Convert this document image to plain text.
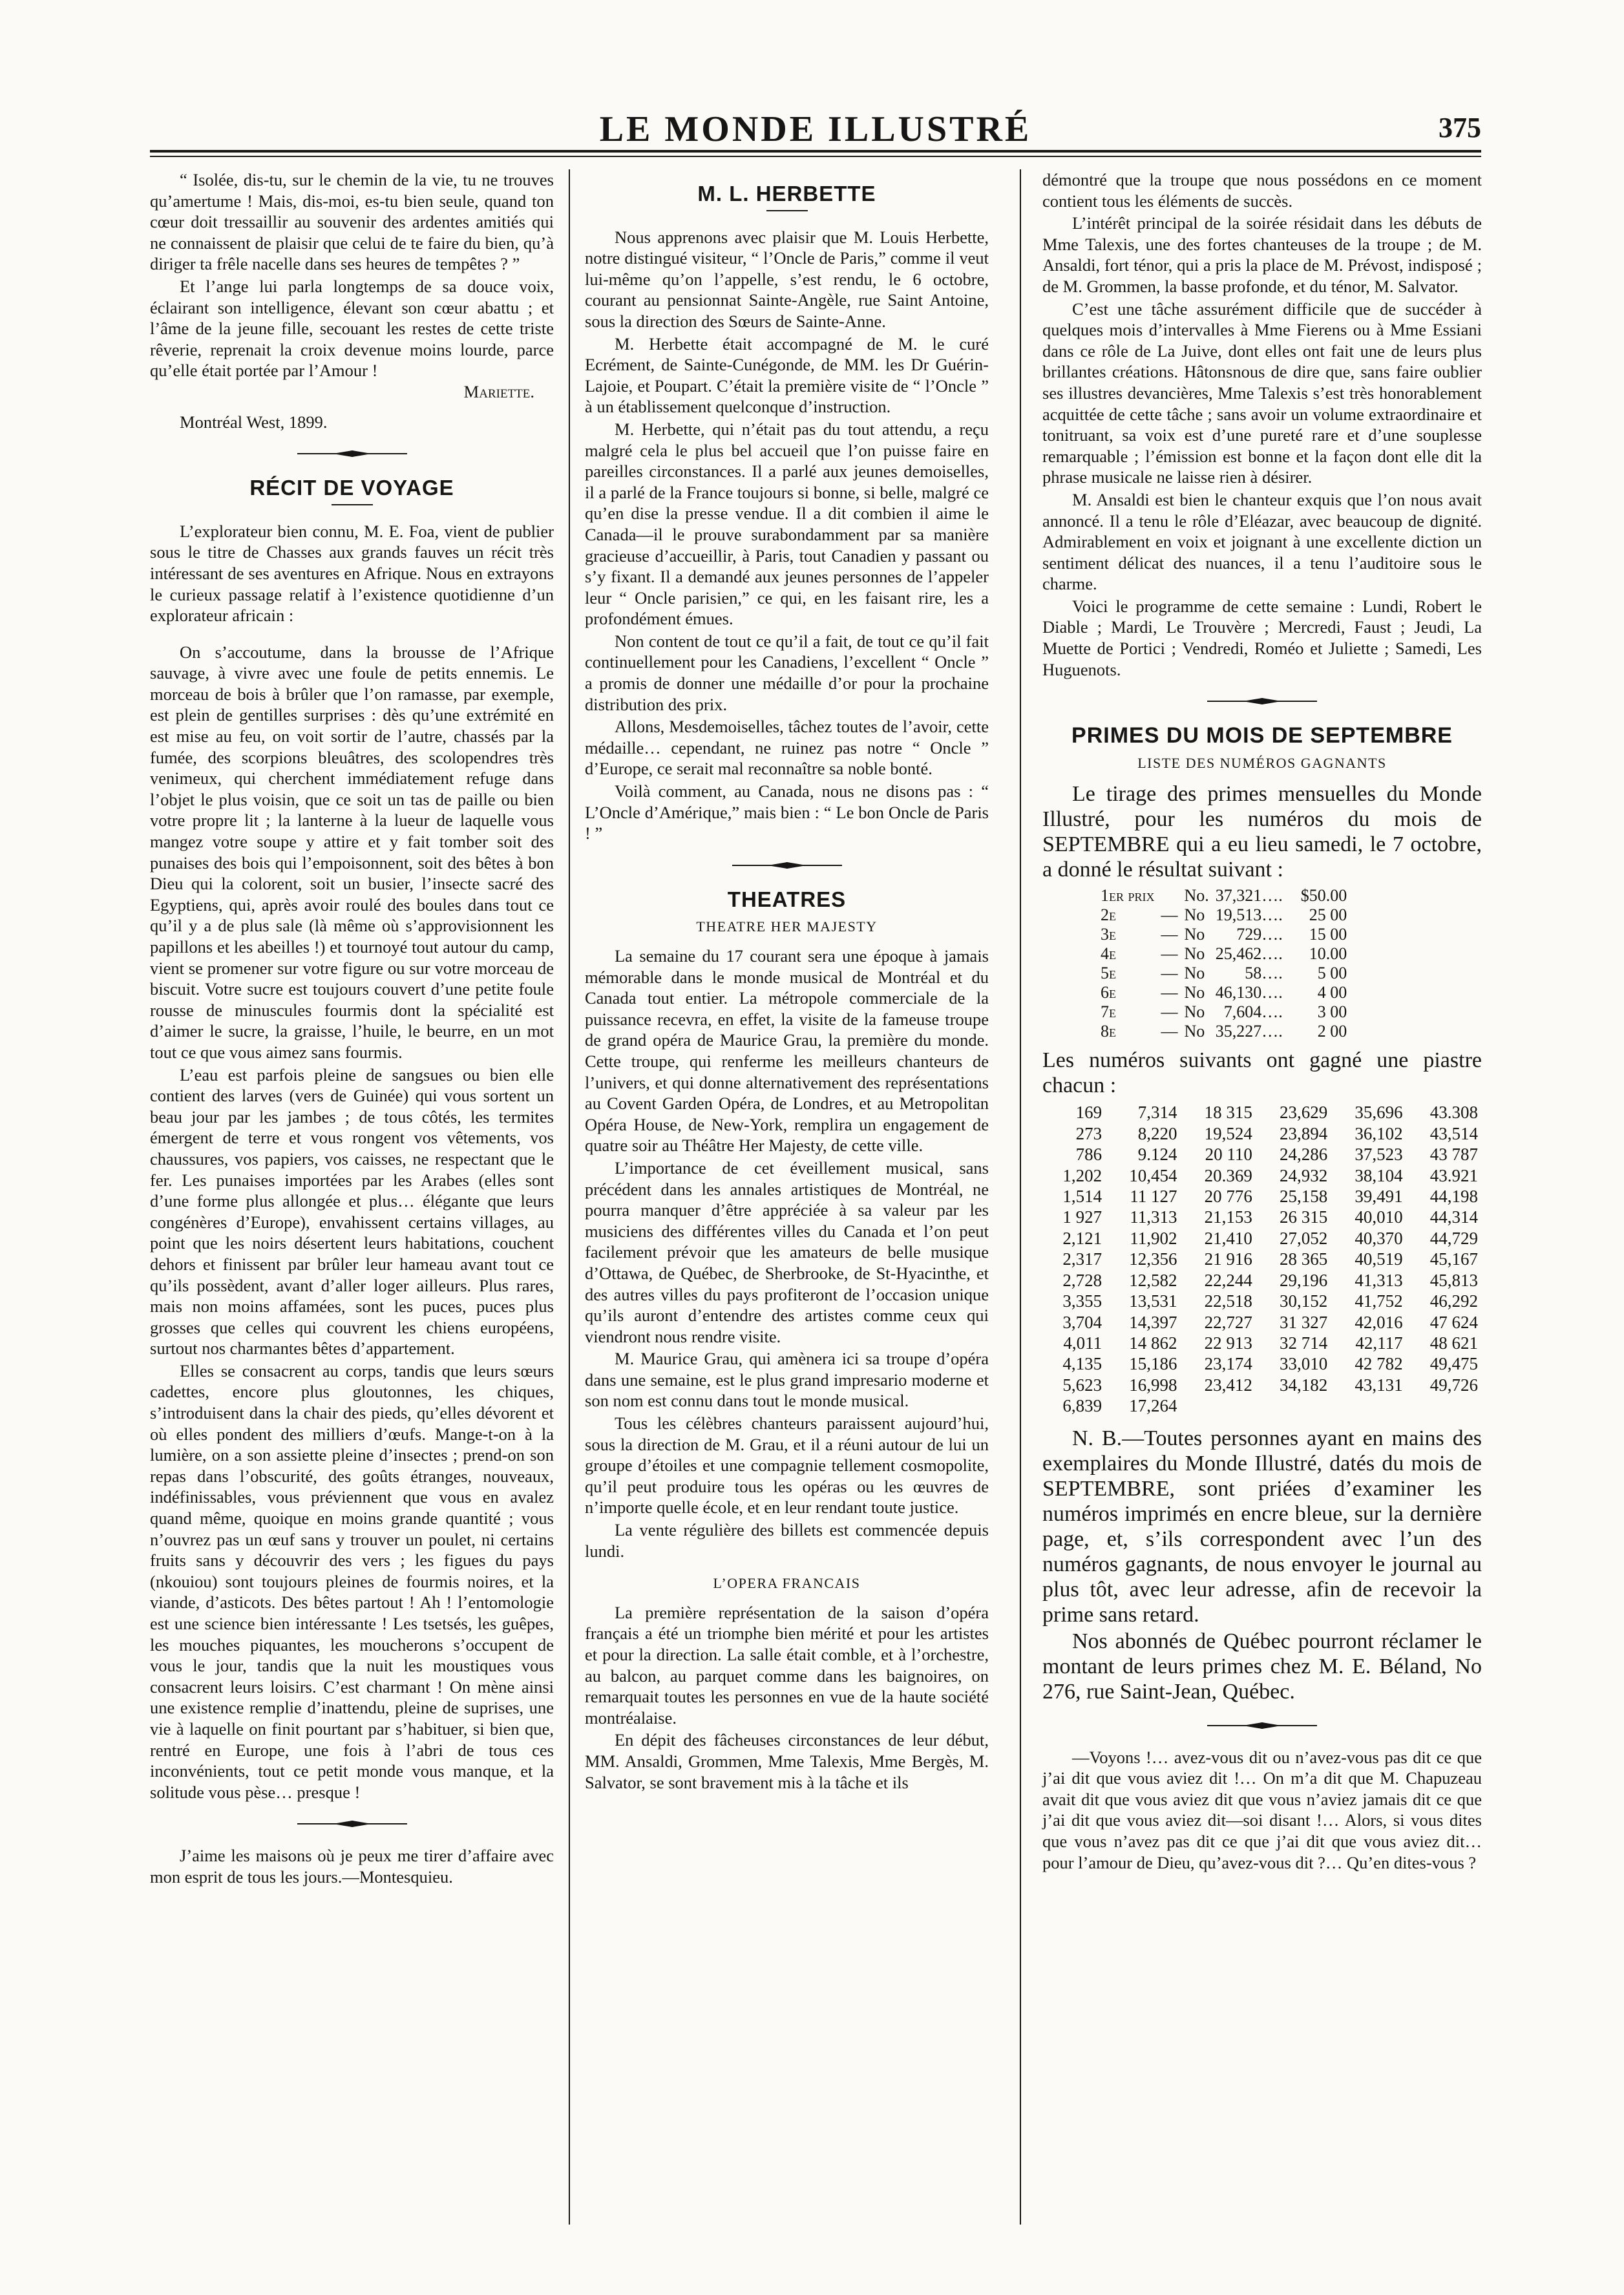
LE MONDE ILLUSTRÉ	375

“ Isolée, dis-tu, sur le chemin de la vie, tu ne trouves qu’amertume ! Mais, dis-moi, es-tu bien seule, quand ton cœur doit tressaillir au souvenir des ardentes amitiés qui ne connaissent de plaisir que celui de te faire du bien, qu’à diriger ta frêle nacelle dans ses heures de tempêtes ? ”

Et l’ange lui parla longtemps de sa douce voix, éclairant son intelligence, élevant son cœur abattu ; et l’âme de la jeune fille, secouant les restes de cette triste rêverie, reprenait la croix devenue moins lourde, parce qu’elle était portée par l’Amour !

Mariette.

Montréal West, 1899.

RÉCIT DE VOYAGE

L’explorateur bien connu, M. E. Foa, vient de publier sous le titre de Chasses aux grands fauves un récit très intéressant de ses aventures en Afrique. Nous en extrayons le curieux passage relatif à l’existence quotidienne d’un explorateur africain :

On s’accoutume, dans la brousse de l’Afrique sauvage, à vivre avec une foule de petits ennemis. Le morceau de bois à brûler que l’on ramasse, par exemple, est plein de gentilles surprises : dès qu’une extrémité en est mise au feu, on voit sortir de l’autre, chassés par la fumée, des scorpions bleuâtres, des scolopendres très venimeux, qui cherchent immédiatement refuge dans l’objet le plus voisin, que ce soit un tas de paille ou bien votre propre lit ; la lanterne à la lueur de laquelle vous mangez votre soupe y attire et y fait tomber soit des punaises des bois qui l’empoisonnent, soit des bêtes à bon Dieu qui la colorent, soit un busier, l’insecte sacré des Egyptiens, qui, après avoir roulé des boules dans tout ce qu’il y a de plus sale (là même où s’approvisionnent les papillons et les abeilles !) et tournoyé tout autour du camp, vient se promener sur votre figure ou sur votre morceau de biscuit. Votre sucre est toujours couvert d’une petite foule rousse de minuscules fourmis dont la spécialité est d’aimer le sucre, la graisse, l’huile, le beurre, en un mot tout ce que vous aimez sans fourmis.

L’eau est parfois pleine de sangsues ou bien elle contient des larves (vers de Guinée) qui vous sortent un beau jour par les jambes ; de tous côtés, les termites émergent de terre et vous rongent vos vêtements, vos chaussures, vos papiers, vos caisses, ne respectant que le fer. Les punaises importées par les Arabes (elles sont d’une forme plus allongée et plus… élégante que leurs congénères d’Europe), envahissent certains villages, au point que les noirs désertent leurs habitations, couchent dehors et finissent par brûler leur hameau avant tout ce qu’ils possèdent, avant d’aller loger ailleurs. Plus rares, mais non moins affamées, sont les puces, puces plus grosses que celles qui couvrent les chiens européens, surtout nos charmantes bêtes d’appartement.

Elles se consacrent au corps, tandis que leurs sœurs cadettes, encore plus gloutonnes, les chiques, s’introduisent dans la chair des pieds, qu’elles dévorent et où elles pondent des milliers d’œufs. Mange-t-on à la lumière, on a son assiette pleine d’insectes ; prend-on son repas dans l’obscurité, des goûts étranges, nouveaux, indéfinissables, vous préviennent que vous en avalez quand même, quoique en moins grande quantité ; vous n’ouvrez pas un œuf sans y trouver un poulet, ni certains fruits sans y découvrir des vers ; les figues du pays (nkouiou) sont toujours pleines de fourmis noires, et la viande, d’asticots. Des bêtes partout ! Ah ! l’entomologie est une science bien intéressante ! Les tsetsés, les guêpes, les mouches piquantes, les moucherons s’occupent de vous le jour, tandis que la nuit les moustiques vous consacrent leurs loisirs. C’est charmant ! On mène ainsi une existence remplie d’inattendu, pleine de suprises, une vie à laquelle on finit pourtant par s’habituer, si bien que, rentré en Europe, une fois à l’abri de tous ces inconvénients, tout ce petit monde vous manque, et la solitude vous pèse… presque !

J’aime les maisons où je peux me tirer d’affaire avec mon esprit de tous les jours.—Montesquieu.

M. L. HERBETTE

Nous apprenons avec plaisir que M. Louis Herbette, notre distingué visiteur, “ l’Oncle de Paris,” comme il veut lui-même qu’on l’appelle, s’est rendu, le 6 octobre, courant au pensionnat Sainte-Angèle, rue Saint Antoine, sous la direction des Sœurs de Sainte-Anne.

M. Herbette était accompagné de M. le curé Ecrément, de Sainte-Cunégonde, de MM. les Dr Guérin-Lajoie, et Poupart. C’était la première visite de “ l’Oncle ” à un établissement quelconque d’instruction.

M. Herbette, qui n’était pas du tout attendu, a reçu malgré cela le plus bel accueil que l’on puisse faire en pareilles circonstances. Il a parlé aux jeunes demoiselles, il a parlé de la France toujours si bonne, si belle, malgré ce qu’en dise la presse vendue. Il a dit combien il aime le Canada—il le prouve surabondamment par sa manière gracieuse d’accueillir, à Paris, tout Canadien y passant ou s’y fixant. Il a demandé aux jeunes personnes de l’appeler leur “ Oncle parisien,” ce qui, en les faisant rire, les a profondément émues.

Non content de tout ce qu’il a fait, de tout ce qu’il fait continuellement pour les Canadiens, l’excellent “ Oncle ” a promis de donner une médaille d’or pour la prochaine distribution des prix.

Allons, Mesdemoiselles, tâchez toutes de l’avoir, cette médaille… cependant, ne ruinez pas notre “ Oncle ” d’Europe, ce serait mal reconnaître sa noble bonté.

Voilà comment, au Canada, nous ne disons pas : “ L’Oncle d’Amérique,” mais bien : “ Le bon Oncle de Paris ! ”

THEATRES
THEATRE HER MAJESTY

La semaine du 17 courant sera une époque à jamais mémorable dans le monde musical de Montréal et du Canada tout entier. La métropole commerciale de la puissance recevra, en effet, la visite de la fameuse troupe de grand opéra de Maurice Grau, la première du monde. Cette troupe, qui renferme les meilleurs chanteurs de l’univers, et qui donne alternativement des représentations au Covent Garden Opéra, de Londres, et au Metropolitan Opéra House, de New-York, remplira un engagement de quatre soir au Théâtre Her Majesty, de cette ville.

L’importance de cet éveillement musical, sans précédent dans les annales artistiques de Montréal, ne pourra manquer d’être appréciée à sa valeur par les musiciens des différentes villes du Canada et l’on peut facilement prévoir que les amateurs de belle musique d’Ottawa, de Québec, de Sherbrooke, de St-Hyacinthe, et des autres villes du pays profiteront de l’occasion unique qu’ils auront d’entendre des artistes comme ceux qui viendront nous rendre visite.

M. Maurice Grau, qui amènera ici sa troupe d’opéra dans une semaine, est le plus grand impresario moderne et son nom est connu dans tout le monde musical.

Tous les célèbres chanteurs paraissent aujourd’hui, sous la direction de M. Grau, et il a réuni autour de lui un groupe d’étoiles et une compagnie tellement cosmopolite, qu’il peut produire tous les opéras ou les œuvres de n’importe quelle école, et en leur rendant toute justice.

La vente régulière des billets est commencée depuis lundi.

L’OPERA FRANCAIS

La première représentation de la saison d’opéra français a été un triomphe bien mérité et pour les artistes et pour la direction. La salle était comble, et à l’orchestre, au balcon, au parquet comme dans les baignoires, on remarquait toutes les personnes en vue de la haute société montréalaise.

En dépit des fâcheuses circonstances de leur début, MM. Ansaldi, Grommen, Mme Talexis, Mme Bergès, M. Salvator, se sont bravement mis à la tâche et ils

démontré que la troupe que nous possédons en ce moment contient tous les éléments de succès.

L’intérêt principal de la soirée résidait dans les débuts de Mme Talexis, une des fortes chanteuses de la troupe ; de M. Ansaldi, fort ténor, qui a pris la place de M. Prévost, indisposé ; de M. Grommen, la basse profonde, et du ténor, M. Salvator.

C’est une tâche assurément difficile que de succéder à quelques mois d’intervalles à Mme Fierens ou à Mme Essiani dans ce rôle de La Juive, dont elles ont fait une de leurs plus brillantes créations. Hâtonsnous de dire que, sans faire oublier ses illustres devancières, Mme Talexis s’est très honorablement acquittée de cette tâche ; sans avoir un volume extraordinaire et tonitruant, sa voix est d’une pureté rare et d’une souplesse remarquable ; l’émission est bonne et la façon dont elle dit la phrase musicale ne laisse rien à désirer.

M. Ansaldi est bien le chanteur exquis que l’on nous avait annoncé. Il a tenu le rôle d’Eléazar, avec beaucoup de dignité. Admirablement en voix et joignant à une excellente diction un sentiment délicat des nuances, il a tenu l’auditoire sous le charme.

Voici le programme de cette semaine : Lundi, Robert le Diable ; Mardi, Le Trouvère ; Mercredi, Faust ; Jeudi, La Muette de Portici ; Vendredi, Roméo et Juliette ; Samedi, Les Huguenots.

PRIMES DU MOIS DE SEPTEMBRE
LISTE DES NUMÉROS GAGNANTS

Le tirage des primes mensuelles du Monde Illustré, pour les numéros du mois de SEPTEMBRE qui a eu lieu samedi, le 7 octobre, a donné le résultat suivant :

1er prix		No.	37,321….	$50.00
2e	—	No	19,513….	25 00
3e	—	No	729….	15 00
4e	—	No	25,462….	10.00
5e	—	No	58….	5 00
6e	—	No	46,130….	4 00
7e	—	No	7,604….	3 00
8e	—	No	35,227….	2 00

Les numéros suivants ont gagné une piastre chacun :

169	7,314	18 315	23,629	35,696	43.308
273	8,220	19,524	23,894	36,102	43,514
786	9.124	20 110	24,286	37,523	43 787
1,202	10,454	20.369	24,932	38,104	43.921
1,514	11 127	20 776	25,158	39,491	44,198
1 927	11,313	21,153	26 315	40,010	44,314
2,121	11,902	21,410	27,052	40,370	44,729
2,317	12,356	21 916	28 365	40,519	45,167
2,728	12,582	22,244	29,196	41,313	45,813
3,355	13,531	22,518	30,152	41,752	46,292
3,704	14,397	22,727	31 327	42,016	47 624
4,011	14 862	22 913	32 714	42,117	48 621
4,135	15,186	23,174	33,010	42 782	49,475
5,623	16,998	23,412	34,182	43,131	49,726
6,839	17,264				

N. B.—Toutes personnes ayant en mains des exemplaires du Monde Illustré, datés du mois de SEPTEMBRE, sont priées d’examiner les numéros imprimés en encre bleue, sur la dernière page, et, s’ils correspondent avec l’un des numéros gagnants, de nous envoyer le journal au plus tôt, avec leur adresse, afin de recevoir la prime sans retard.

Nos abonnés de Québec pourront réclamer le montant de leurs primes chez M. E. Béland, No 276, rue Saint-Jean, Québec.

—Voyons !… avez-vous dit ou n’avez-vous pas dit ce que j’ai dit que vous aviez dit !… On m’a dit que M. Chapuzeau avait dit que vous aviez dit que vous n’aviez jamais dit ce que j’ai dit que vous aviez dit—soi disant !… Alors, si vous dites que vous n’avez pas dit ce que j’ai dit que vous aviez dit… pour l’amour de Dieu, qu’avez-vous dit ?… Qu’en dites-vous ?
